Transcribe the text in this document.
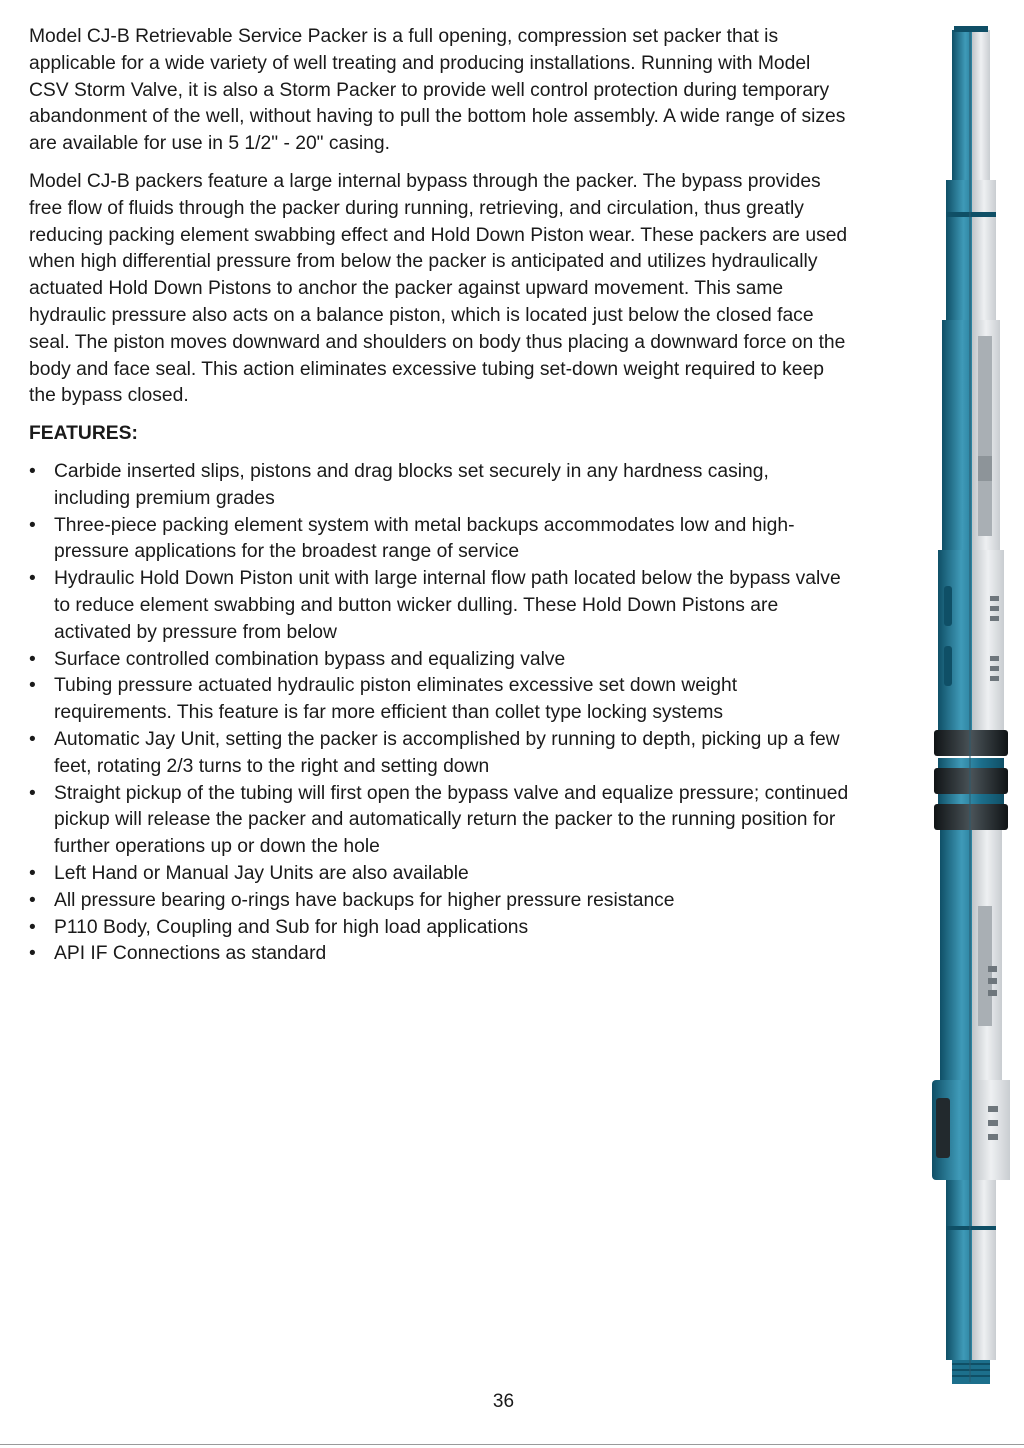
Model CJ-B Retrievable Service Packer is a full opening, compression set packer that is applicable for a wide variety of well treating and producing installations. Running with Model CSV Storm Valve, it is also a Storm Packer to provide well control protection during temporary abandonment of the well, without having to pull the bottom hole assembly. A wide range of sizes are available for use in 5 1/2" - 20" casing.

Model CJ-B packers feature a large internal bypass through the packer. The bypass provides free flow of fluids through the packer during running, retrieving, and circulation, thus greatly reducing packing element swabbing effect and Hold Down Piston wear. These packers are used when high differential pressure from below the packer is anticipated and utilizes hydraulically actuated Hold Down Pistons to anchor the packer against upward movement. This same hydraulic pressure also acts on a balance piston, which is located just below the closed face seal. The piston moves downward and shoulders on body thus placing a downward force on the body and face seal. This action eliminates excessive tubing set-down weight required to keep the bypass closed.

FEATURES:

• Carbide inserted slips, pistons and drag blocks set securely in any hardness casing, including premium grades
• Three-piece packing element system with metal backups accommodates low and high-pressure applications for the broadest range of service
• Hydraulic Hold Down Piston unit with large internal flow path located below the bypass valve to reduce element swabbing and button wicker dulling. These Hold Down Pistons are activated by pressure from below
• Surface controlled combination bypass and equalizing valve
• Tubing pressure actuated hydraulic piston eliminates excessive set down weight requirements. This feature is far more efficient than collet type locking systems
• Automatic Jay Unit, setting the packer is accomplished by running to depth, picking up a few feet, rotating 2/3 turns to the right and setting down
• Straight pickup of the tubing will first open the bypass valve and equalize pressure; continued pickup will release the packer and automatically return the packer to the running position for further operations up or down the hole
• Left Hand or Manual Jay Units are also available
• All pressure bearing o-rings have backups for higher pressure resistance
• P110 Body, Coupling and Sub for high load applications
• API IF Connections as standard
36
